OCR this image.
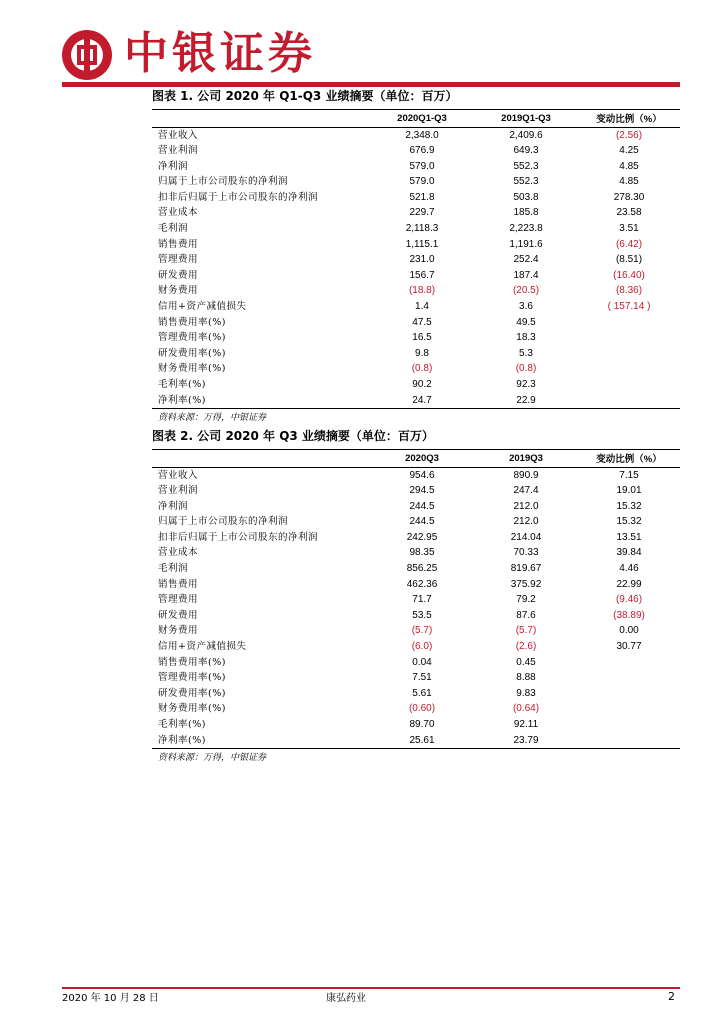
中银证券
图表 1. 公司 2020 年 Q1-Q3 业绩摘要（单位：百万）
	2020Q1-Q3	2019Q1-Q3	变动比例（%）
营业收入	2,348.0	2,409.6	(2.56)
营业利润	676.9	649.3	4.25
净利润	579.0	552.3	4.85
归属于上市公司股东的净利润	579.0	552.3	4.85
扣非后归属于上市公司股东的净利润	521.8	503.8	278.30
营业成本	229.7	185.8	23.58
毛利润	2,118.3	2,223.8	3.51
销售费用	1,115.1	1,191.6	(6.42)
管理费用	231.0	252.4	(8.51)
研发费用	156.7	187.4	(16.40)
财务费用	(18.8)	(20.5)	(8.36)
信用+资产减值损失	1.4	3.6	( 157.14 )
销售费用率(%)	47.5	49.5	
管理费用率(%)	16.5	18.3	
研发费用率(%)	9.8	5.3	
财务费用率(%)	(0.8)	(0.8)	
毛利率(%)	90.2	92.3	
净利率(%)	24.7	22.9	
资料来源：万得，中银证券
图表 2. 公司 2020 年 Q3 业绩摘要（单位：百万）
	2020Q3	2019Q3	变动比例（%）
营业收入	954.6	890.9	7.15
营业利润	294.5	247.4	19.01
净利润	244.5	212.0	15.32
归属于上市公司股东的净利润	244.5	212.0	15.32
扣非后归属于上市公司股东的净利润	242.95	214.04	13.51
营业成本	98.35	70.33	39.84
毛利润	856.25	819.67	4.46
销售费用	462.36	375.92	22.99
管理费用	71.7	79.2	(9.46)
研发费用	53.5	87.6	(38.89)
财务费用	(5.7)	(5.7)	0.00
信用+资产减值损失	(6.0)	(2.6)	30.77
销售费用率(%)	0.04	0.45	
管理费用率(%)	7.51	8.88	
研发费用率(%)	5.61	9.83	
财务费用率(%)	(0.60)	(0.64)	
毛利率(%)	89.70	92.11	
净利率(%)	25.61	23.79	
资料来源：万得，中银证券
2020 年 10 月 28 日	康弘药业	2
